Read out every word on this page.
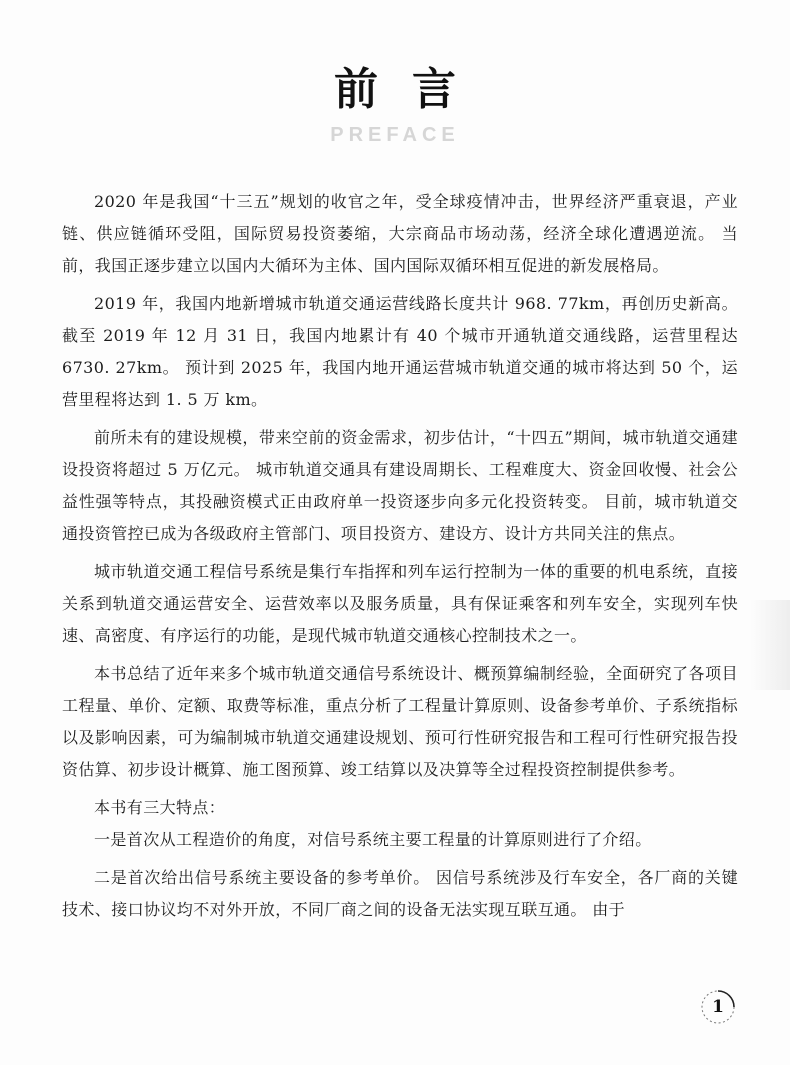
前言
PREFACE

2020 年是我国“十三五”规划的收官之年，受全球疫情冲击，世界经济严重衰退，产业链、供应链循环受阻，国际贸易投资萎缩，大宗商品市场动荡，经济全球化遭遇逆流。 当前，我国正逐步建立以国内大循环为主体、国内国际双循环相互促进的新发展格局。

2019 年，我国内地新增城市轨道交通运营线路长度共计 968. 77km，再创历史新高。 截至 2019 年 12 月 31 日，我国内地累计有 40 个城市开通轨道交通线路，运营里程达 6730. 27km。 预计到 2025 年，我国内地开通运营城市轨道交通的城市将达到 50 个，运营里程将达到 1. 5 万 km。

前所未有的建设规模，带来空前的资金需求，初步估计，“十四五”期间，城市轨道交通建设投资将超过 5 万亿元。 城市轨道交通具有建设周期长、工程难度大、资金回收慢、社会公益性强等特点，其投融资模式正由政府单一投资逐步向多元化投资转变。 目前，城市轨道交通投资管控已成为各级政府主管部门、项目投资方、建设方、设计方共同关注的焦点。

城市轨道交通工程信号系统是集行车指挥和列车运行控制为一体的重要的机电系统，直接关系到轨道交通运营安全、运营效率以及服务质量，具有保证乘客和列车安全，实现列车快速、高密度、有序运行的功能，是现代城市轨道交通核心控制技术之一。

本书总结了近年来多个城市轨道交通信号系统设计、概预算编制经验，全面研究了各项目工程量、单价、定额、取费等标准，重点分析了工程量计算原则、设备参考单价、子系统指标以及影响因素，可为编制城市轨道交通建设规划、预可行性研究报告和工程可行性研究报告投资估算、初步设计概算、施工图预算、竣工结算以及决算等全过程投资控制提供参考。

本书有三大特点：

一是首次从工程造价的角度，对信号系统主要工程量的计算原则进行了介绍。

二是首次给出信号系统主要设备的参考单价。 因信号系统涉及行车安全，各厂商的关键技术、接口协议均不对外开放，不同厂商之间的设备无法实现互联互通。 由于

1
